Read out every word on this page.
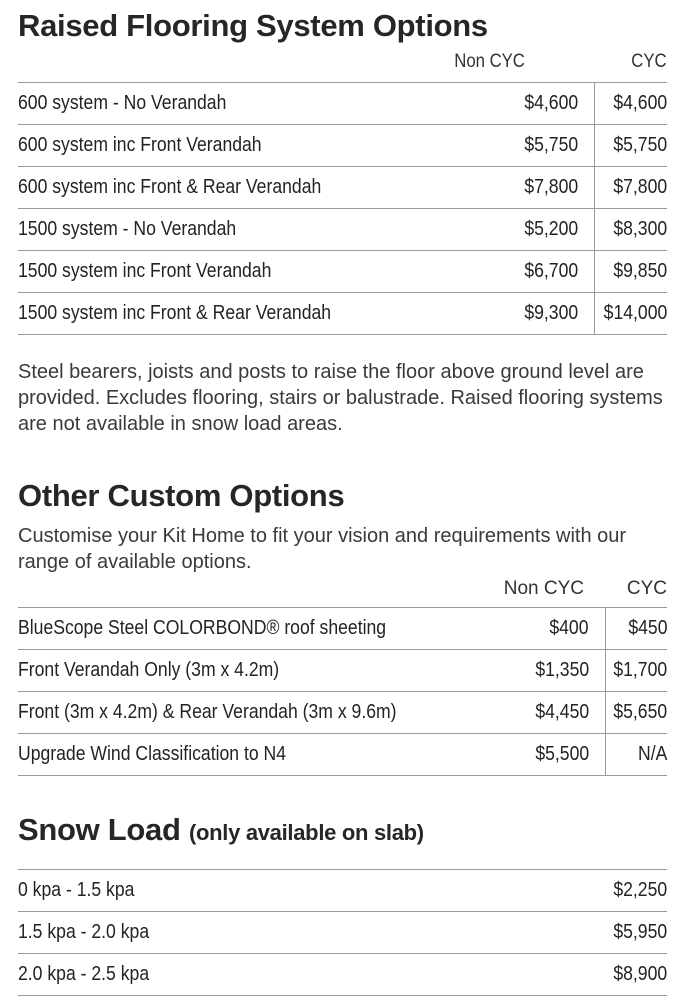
Raised Flooring System Options
Non CYC	CYC
600 system - No Verandah	$4,600	$4,600
600 system inc Front Verandah	$5,750	$5,750
600 system inc Front & Rear Verandah	$7,800	$7,800
1500 system - No Verandah	$5,200	$8,300
1500 system inc Front Verandah	$6,700	$9,850
1500 system inc Front & Rear Verandah	$9,300	$14,000

Steel bearers, joists and posts to raise the floor above ground level are provided. Excludes flooring, stairs or balustrade. Raised flooring systems are not available in snow load areas.

Other Custom Options

Customise your Kit Home to fit your vision and requirements with our range of available options.

Non CYC CYC
BlueScope Steel COLORBOND® roof sheeting	$400	$450
Front Verandah Only (3m x 4.2m)	$1,350	$1,700
Front (3m x 4.2m) & Rear Verandah (3m x 9.6m)	$4,450	$5,650
Upgrade Wind Classification to N4	$5,500	N/A
Snow Load (only available on slab)
0 kpa - 1.5 kpa	$2,250
1.5 kpa - 2.0 kpa	$5,950
2.0 kpa - 2.5 kpa	$8,900
